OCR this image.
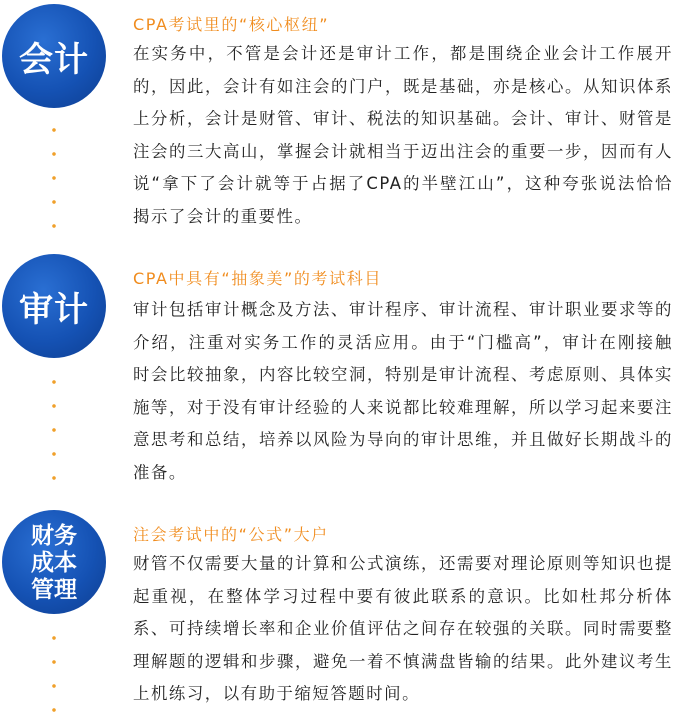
会计
CPA考试里的“核心枢纽”

在实务中，不管是会计还是审计工作，都是围绕企业会计工作展开的，因此，会计有如注会的门户，既是基础，亦是核心。从知识体系上分析，会计是财管、审计、税法的知识基础。会计、审计、财管是注会的三大高山，掌握会计就相当于迈出注会的重要一步，因而有人说“拿下了会计就等于占据了CPA的半壁江山”，这种夸张说法恰恰揭示了会计的重要性。

审计
CPA中具有“抽象美”的考试科目

审计包括审计概念及方法、审计程序、审计流程、审计职业要求等的介绍，注重对实务工作的灵活应用。由于“门槛高”，审计在刚接触时会比较抽象，内容比较空洞，特别是审计流程、考虑原则、具体实施等，对于没有审计经验的人来说都比较难理解，所以学习起来要注意思考和总结，培养以风险为导向的审计思维，并且做好长期战斗的准备。

财务
成本
管理
注会考试中的“公式”大户

财管不仅需要大量的计算和公式演练，还需要对理论原则等知识也提起重视，在整体学习过程中要有彼此联系的意识。比如杜邦分析体系、可持续增长率和企业价值评估之间存在较强的关联。同时需要整理解题的逻辑和步骤，避免一着不慎满盘皆输的结果。此外建议考生上机练习，以有助于缩短答题时间。
